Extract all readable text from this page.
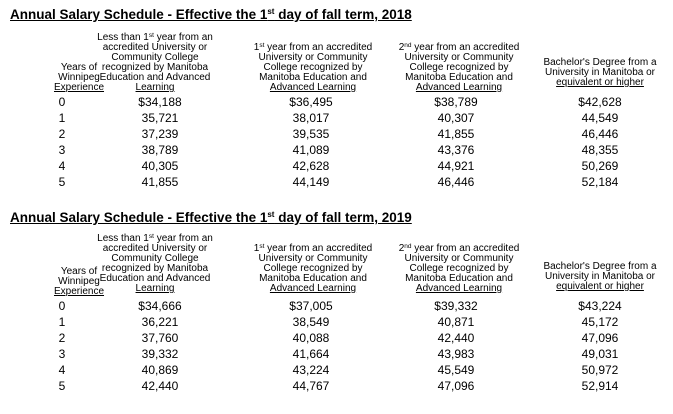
Annual Salary Schedule - Effective the 1st day of fall term, 2018
Years of
Winnipeg
Experience
Less than 1st year from an
accredited University or
Community College
recognized by Manitoba
Education and Advanced
Learning
1st year from an accredited
University or Community
College recognized by
Manitoba Education and
Advanced Learning
2nd year from an accredited
University or Community
College recognized by
Manitoba Education and
Advanced Learning
Bachelor's Degree from a
University in Manitoba or
equivalent or higher
0	$34,188	$36,495	$38,789	$42,628
1	35,721	38,017	40,307	44,549
2	37,239	39,535	41,855	46,446
3	38,789	41,089	43,376	48,355
4	40,305	42,628	44,921	50,269
5	41,855	44,149	46,446	52,184
Annual Salary Schedule - Effective the 1st day of fall term, 2019
Years of
Winnipeg
Experience
Less than 1st year from an
accredited University or
Community College
recognized by Manitoba
Education and Advanced
Learning
1st year from an accredited
University or Community
College recognized by
Manitoba Education and
Advanced Learning
2nd year from an accredited
University or Community
College recognized by
Manitoba Education and
Advanced Learning
Bachelor's Degree from a
University in Manitoba or
equivalent or higher
0	$34,666	$37,005	$39,332	$43,224
1	36,221	38,549	40,871	45,172
2	37,760	40,088	42,440	47,096
3	39,332	41,664	43,983	49,031
4	40,869	43,224	45,549	50,972
5	42,440	44,767	47,096	52,914
